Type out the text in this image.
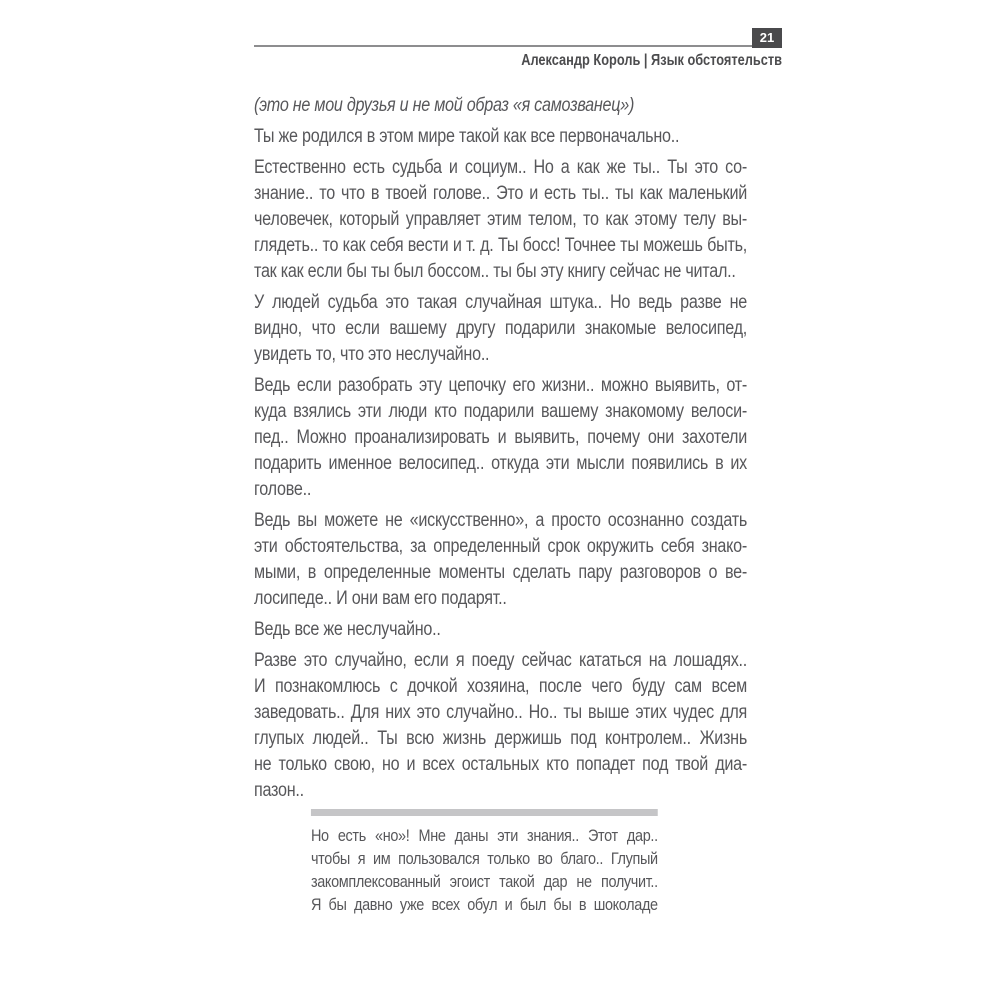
21
Александр Король | Язык обстоятельств
(это не мои друзья и не мой образ «я самозванец»)
Ты же родился в этом мире такой как все первоначально..
Естественно есть судьба и социум.. Но а как же ты.. Ты это со-
знание.. то что в твоей голове.. Это и есть ты.. ты как маленький
человечек, который управляет этим телом, то как этому телу вы-
глядеть.. то как себя вести и т. д. Ты босс! Точнее ты можешь быть,
так как если бы ты был боссом.. ты бы эту книгу сейчас не читал..
У людей судьба это такая случайная штука.. Но ведь разве не
видно, что если вашему другу подарили знакомые велосипед,
увидеть то, что это неслучайно..
Ведь если разобрать эту цепочку его жизни.. можно выявить, от-
куда взялись эти люди кто подарили вашему знакомому велоси-
пед.. Можно проанализировать и выявить, почему они захотели
подарить именное велосипед.. откуда эти мысли появились в их
голове..
Ведь вы можете не «искусственно», а просто осознанно создать
эти обстоятельства, за определенный срок окружить себя знако-
мыми, в определенные моменты сделать пару разговоров о ве-
лосипеде.. И они вам его подарят..
Ведь все же неслучайно..
Разве это случайно, если я поеду сейчас кататься на лошадях..
И познакомлюсь с дочкой хозяина, после чего буду сам всем
заведовать.. Для них это случайно.. Но.. ты выше этих чудес для
глупых людей.. Ты всю жизнь держишь под контролем.. Жизнь
не только свою, но и всех остальных кто попадет под твой диа-
пазон..
Но есть «но»! Мне даны эти знания.. Этот дар..
чтобы я им пользовался только во благо.. Глупый
закомплексованный эгоист такой дар не получит..
Я бы давно уже всех обул и был бы в шоколаде
